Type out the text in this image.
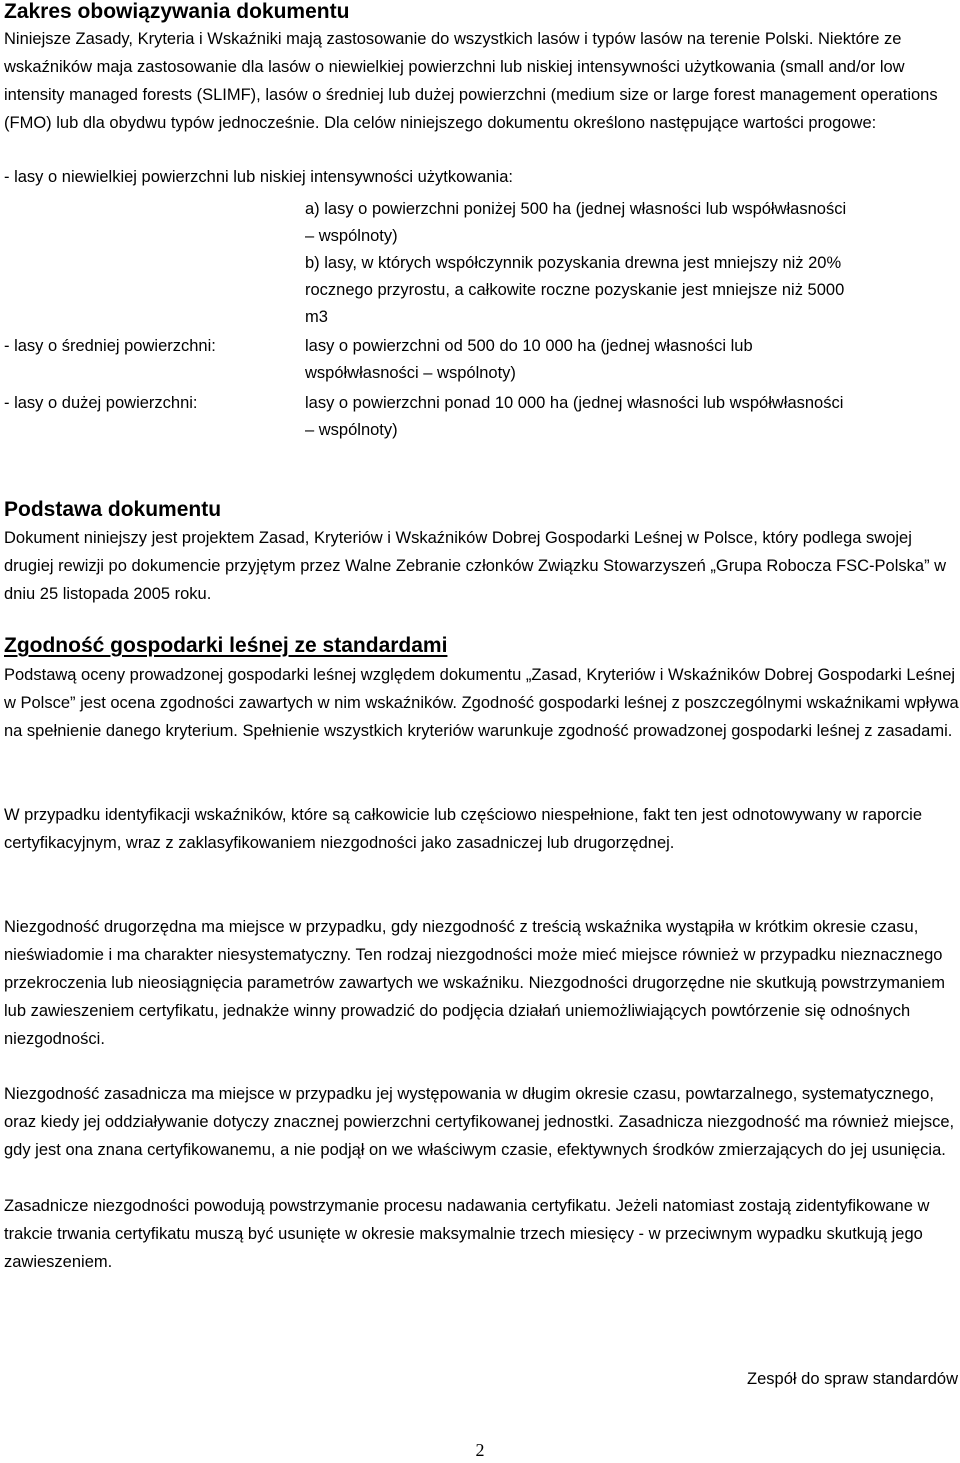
Zakres obowiązywania dokumentu

Niniejsze Zasady, Kryteria i Wskaźniki mają zastosowanie do wszystkich lasów i typów lasów na terenie Polski. Niektóre ze wskaźników maja zastosowanie dla lasów o niewielkiej powierzchni lub niskiej intensywności użytkowania (small and/or low intensity managed forests (SLIMF), lasów o średniej lub dużej powierzchni (medium size or large forest management operations (FMO) lub dla obydwu typów jednocześnie. Dla celów niniejszego dokumentu określono następujące wartości progowe:

- lasy o niewielkiej powierzchni lub niskiej intensywności użytkowania:
a) lasy o powierzchni poniżej 500 ha (jednej własności lub współwłasności
– wspólnoty)
b) lasy, w których współczynnik pozyskania drewna jest mniejszy niż 20%
rocznego przyrostu, a całkowite roczne pozyskanie jest mniejsze niż 5000
m3
- lasy o średniej powierzchni:	lasy o powierzchni od 500 do 10 000 ha (jednej własności lub
współwłasności – wspólnoty)
- lasy o dużej powierzchni:	lasy o powierzchni ponad 10 000 ha (jednej własności lub współwłasności
– wspólnoty)
Podstawa dokumentu

Dokument niniejszy jest projektem Zasad, Kryteriów i Wskaźników Dobrej Gospodarki Leśnej w Polsce, który podlega swojej drugiej rewizji po dokumencie przyjętym przez Walne Zebranie członków Związku Stowarzyszeń „Grupa Robocza FSC-Polska” w dniu 25 listopada 2005 roku.

Zgodność gospodarki leśnej ze standardami

Podstawą oceny prowadzonej gospodarki leśnej względem dokumentu „Zasad, Kryteriów i Wskaźników Dobrej Gospodarki Leśnej w Polsce” jest ocena zgodności zawartych w nim wskaźników. Zgodność gospodarki leśnej z poszczególnymi wskaźnikami wpływa na spełnienie danego kryterium. Spełnienie wszystkich kryteriów warunkuje zgodność prowadzonej gospodarki leśnej z zasadami.

W przypadku identyfikacji wskaźników, które są całkowicie lub częściowo niespełnione, fakt ten jest odnotowywany w raporcie certyfikacyjnym, wraz z zaklasyfikowaniem niezgodności jako zasadniczej lub drugorzędnej.

Niezgodność drugorzędna ma miejsce w przypadku, gdy niezgodność z treścią wskaźnika wystąpiła w krótkim okresie czasu, nieświadomie i ma charakter niesystematyczny. Ten rodzaj niezgodności może mieć miejsce również w przypadku nieznacznego przekroczenia lub nieosiągnięcia parametrów zawartych we wskaźniku. Niezgodności drugorzędne nie skutkują powstrzymaniem lub zawieszeniem certyfikatu, jednakże winny prowadzić do podjęcia działań uniemożliwiających powtórzenie się odnośnych niezgodności.

Niezgodność zasadnicza ma miejsce w przypadku jej występowania w długim okresie czasu, powtarzalnego, systematycznego, oraz kiedy jej oddziaływanie dotyczy znacznej powierzchni certyfikowanej jednostki. Zasadnicza niezgodność ma również miejsce, gdy jest ona znana certyfikowanemu, a nie podjął on we właściwym czasie, efektywnych środków zmierzających do jej usunięcia.

Zasadnicze niezgodności powodują powstrzymanie procesu nadawania certyfikatu. Jeżeli natomiast zostają zidentyfikowane w trakcie trwania certyfikatu muszą być usunięte w okresie maksymalnie trzech miesięcy - w przeciwnym wypadku skutkują jego zawieszeniem.

Zespół do spraw standardów
2
